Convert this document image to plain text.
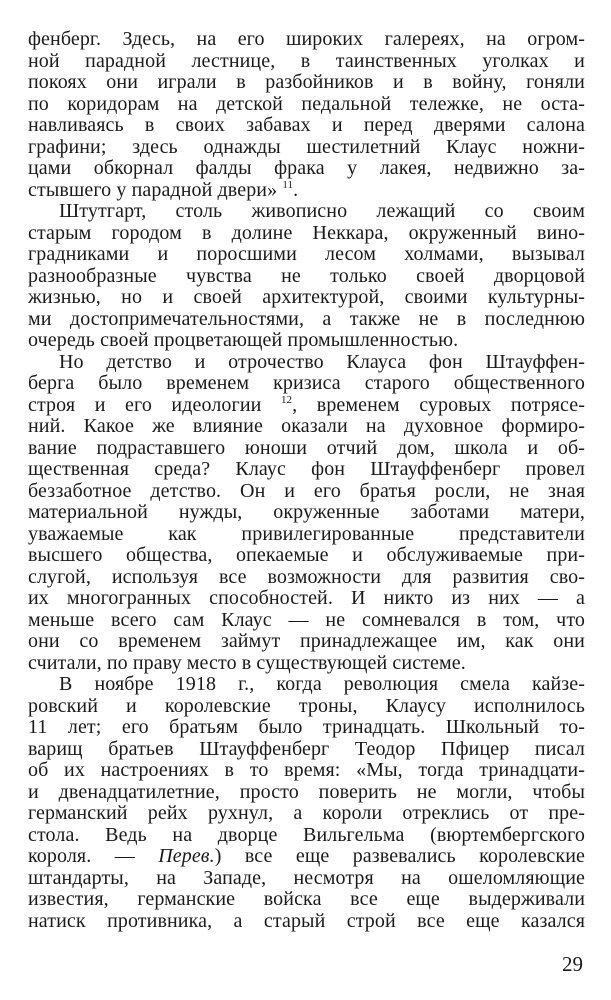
фенберг. Здесь, на его широких галереях, на огром-
ной парадной лестнице, в таинственных уголках и
покоях они играли в разбойников и в войну, гоняли
по коридорам на детской педальной тележке, не оста-
навливаясь в своих забавах и перед дверями салона
графини; здесь однажды шестилетний Клаус ножни-
цами обкорнал фалды фрака у лакея, недвижно за-
стывшего у парадной двери» $^{11}$.
Штутгарт, столь живописно лежащий со своим
старым городом в долине Неккара, окруженный вино-
градниками и поросшими лесом холмами, вызывал
разнообразные чувства не только своей дворцовой
жизнью, но и своей архитектурой, своими культурны-
ми достопримечательностями, а также не в последнюю
очередь своей процветающей промышленностью.
Но детство и отрочество Клауса фон Штауффен-
берга было временем кризиса старого общественного
строя и его идеологии $^{12}$, временем суровых потрясе-
ний. Какое же влияние оказали на духовное формиро-
вание подраставшего юноши отчий дом, школа и об-
щественная среда? Клаус фон Штауффенберг провел
беззаботное детство. Он и его братья росли, не зная
материальной нужды, окруженные заботами матери,
уважаемые как привилегированные представители
высшего общества, опекаемые и обслуживаемые при-
слугой, используя все возможности для развития сво-
их многогранных способностей. И никто из них — а
меньше всего сам Клаус — не сомневался в том, что
они со временем займут принадлежащее им, как они
считали, по праву место в существующей системе.
В ноябре 1918 г., когда революция смела кайзе-
ровский и королевские троны, Клаусу исполнилось
11 лет; его братьям было тринадцать. Школьный то-
варищ братьев Штауффенберг Теодор Пфицер писал
об их настроениях в то время: «Мы, тогда тринадцати-
и двенадцатилетние, просто поверить не могли, чтобы
германский рейх рухнул, а короли отреклись от пре-
стола. Ведь на дворце Вильгельма (вюртембергского
короля. — Перев.) все еще развевались королевские
штандарты, на Западе, несмотря на ошеломляющие
известия, германские войска все еще выдерживали
натиск противника, а старый строй все еще казался
29
